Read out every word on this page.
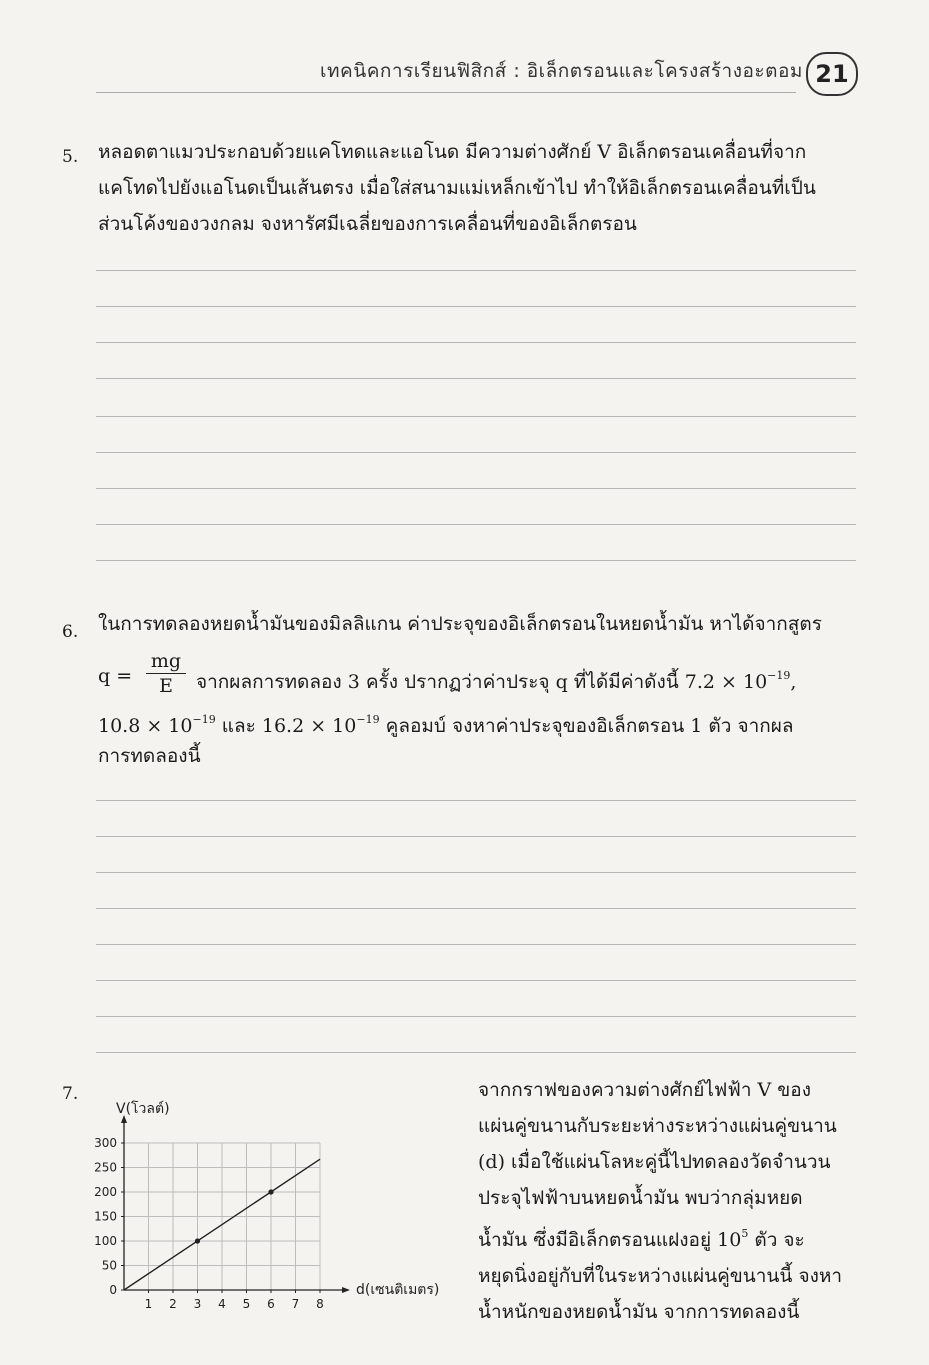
เทคนิคการเรียนฟิสิกส์ : อิเล็กตรอนและโครงสร้างอะตอม 21
5. หลอดตาแมวประกอบด้วยแคโทดและแอโนด มีความต่างศักย์ V อิเล็กตรอนเคลื่อนที่จาก
แคโทดไปยังแอโนดเป็นเส้นตรง เมื่อใส่สนามแม่เหล็กเข้าไป ทำให้อิเล็กตรอนเคลื่อนที่เป็น
ส่วนโค้งของวงกลม จงหารัศมีเฉลี่ยของการเคลื่อนที่ของอิเล็กตรอน
6. ในการทดลองหยดน้ำมันของมิลลิแกน ค่าประจุของอิเล็กตรอนในหยดน้ำมัน หาได้จากสูตร
q =
mg
E	จากผลการทดลอง 3 ครั้ง ปรากฏว่าค่าประจุ q ที่ได้มีค่าดังนี้ $7.2 \times 10^{-19}$,
$10.8 \times 10^{-19}$ และ $16.2 \times 10^{-19}$ คูลอมบ์ จงหาค่าประจุของอิเล็กตรอน 1 ตัว จากผล
การทดลองนี้
7.
1 2 3 4 5 6 7 8
0
50
100
150
200
250
300
V(โวลต์)
d(เซนติเมตร)
จากกราฟของความต่างศักย์ไฟฟ้า V ของ
แผ่นคู่ขนานกับระยะห่างระหว่างแผ่นคู่ขนาน
(d) เมื่อใช้แผ่นโลหะคู่นี้ไปทดลองวัดจำนวน
ประจุไฟฟ้าบนหยดน้ำมัน พบว่ากลุ่มหยด
น้ำมัน ซึ่งมีอิเล็กตรอนแฝงอยู่ $10^5$ ตัว จะ
หยุดนิ่งอยู่กับที่ในระหว่างแผ่นคู่ขนานนี้ จงหา
น้ำหนักของหยดน้ำมัน จากการทดลองนี้
